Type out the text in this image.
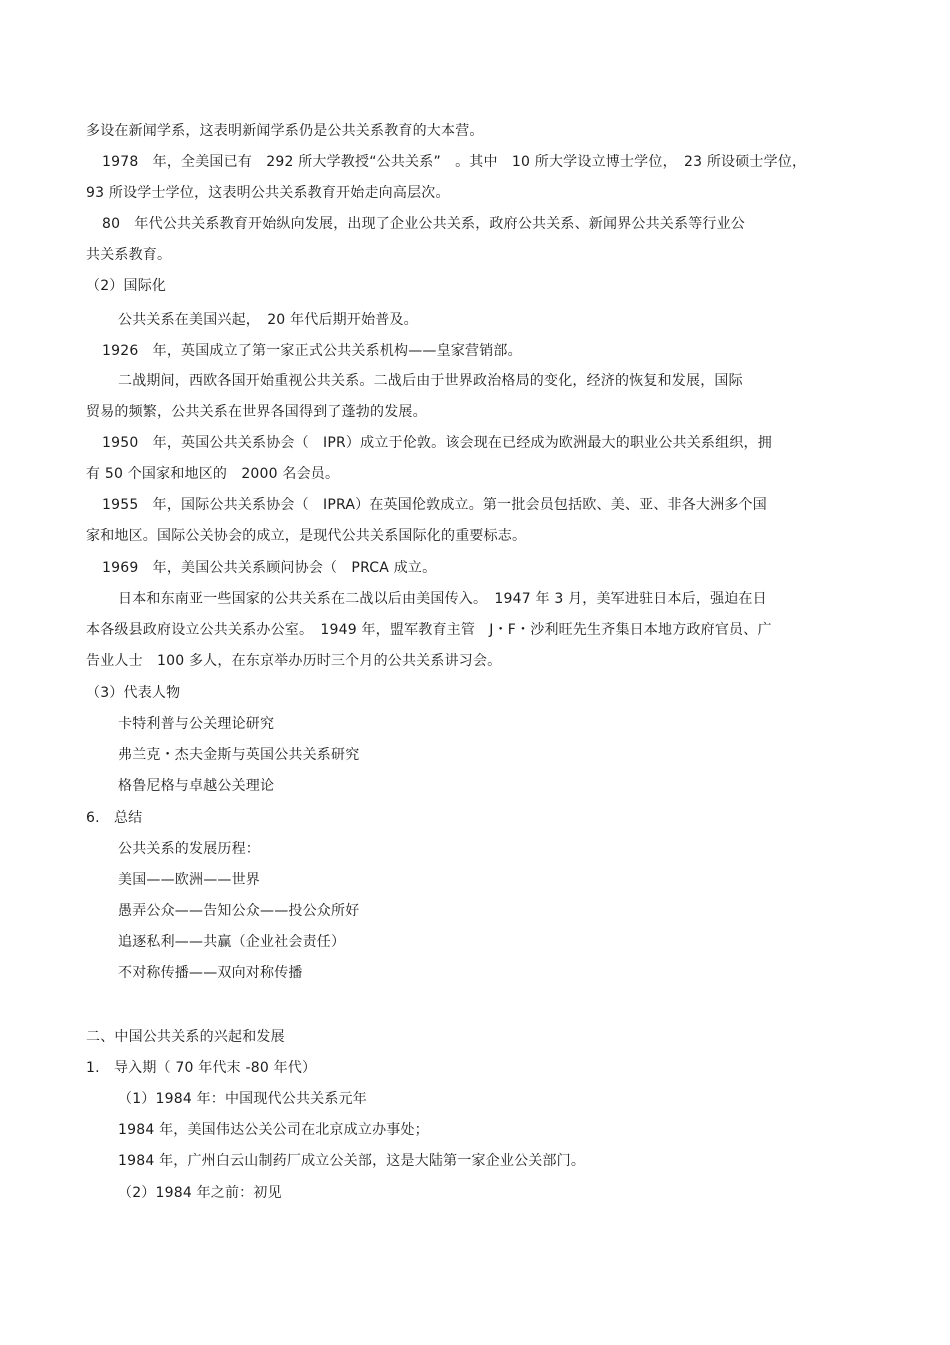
多设在新闻学系，这表明新闻学系仍是公共关系教育的大本营。
1978　年，全美国已有　292 所大学教授“公共关系”　。其中　10 所大学设立博士学位，　23 所设硕士学位，
93 所设学士学位，这表明公共关系教育开始走向高层次。
80　年代公共关系教育开始纵向发展，出现了企业公共关系，政府公共关系、新闻界公共关系等行业公
共关系教育。
（2）国际化
公共关系在美国兴起，　20 年代后期开始普及。
1926　年，英国成立了第一家正式公共关系机构——皇家营销部。
二战期间，西欧各国开始重视公共关系。二战后由于世界政治格局的变化，经济的恢复和发展，国际
贸易的频繁，公共关系在世界各国得到了蓬勃的发展。
1950　年，英国公共关系协会（　IPR）成立于伦敦。该会现在已经成为欧洲最大的职业公共关系组织，拥
有 50 个国家和地区的　2000 名会员。
1955　年，国际公共关系协会（　IPRA）在英国伦敦成立。第一批会员包括欧、美、亚、非各大洲多个国
家和地区。国际公关协会的成立，是现代公共关系国际化的重要标志。
1969　年，美国公共关系顾问协会（　PRCA 成立。
日本和东南亚一些国家的公共关系在二战以后由美国传入。　1947 年 3 月，美军进驻日本后，强迫在日
本各级县政府设立公共关系办公室。　1949 年，盟军教育主管　J・F・沙利旺先生齐集日本地方政府官员、广
告业人士　100 多人，在东京举办历时三个月的公共关系讲习会。
（3）代表人物
卡特利普与公关理论研究
弗兰克・杰夫金斯与英国公共关系研究
格鲁尼格与卓越公关理论
6.　总结
公共关系的发展历程：
美国——欧洲——世界
愚弄公众——告知公众——投公众所好
追逐私利——共赢（企业社会责任）
不对称传播——双向对称传播
二、中国公共关系的兴起和发展
1.　导入期（ 70 年代末 -80 年代）
（1）1984 年：中国现代公共关系元年
1984 年，美国伟达公关公司在北京成立办事处；
1984 年，广州白云山制药厂成立公关部，这是大陆第一家企业公关部门。
（2）1984 年之前：初见
